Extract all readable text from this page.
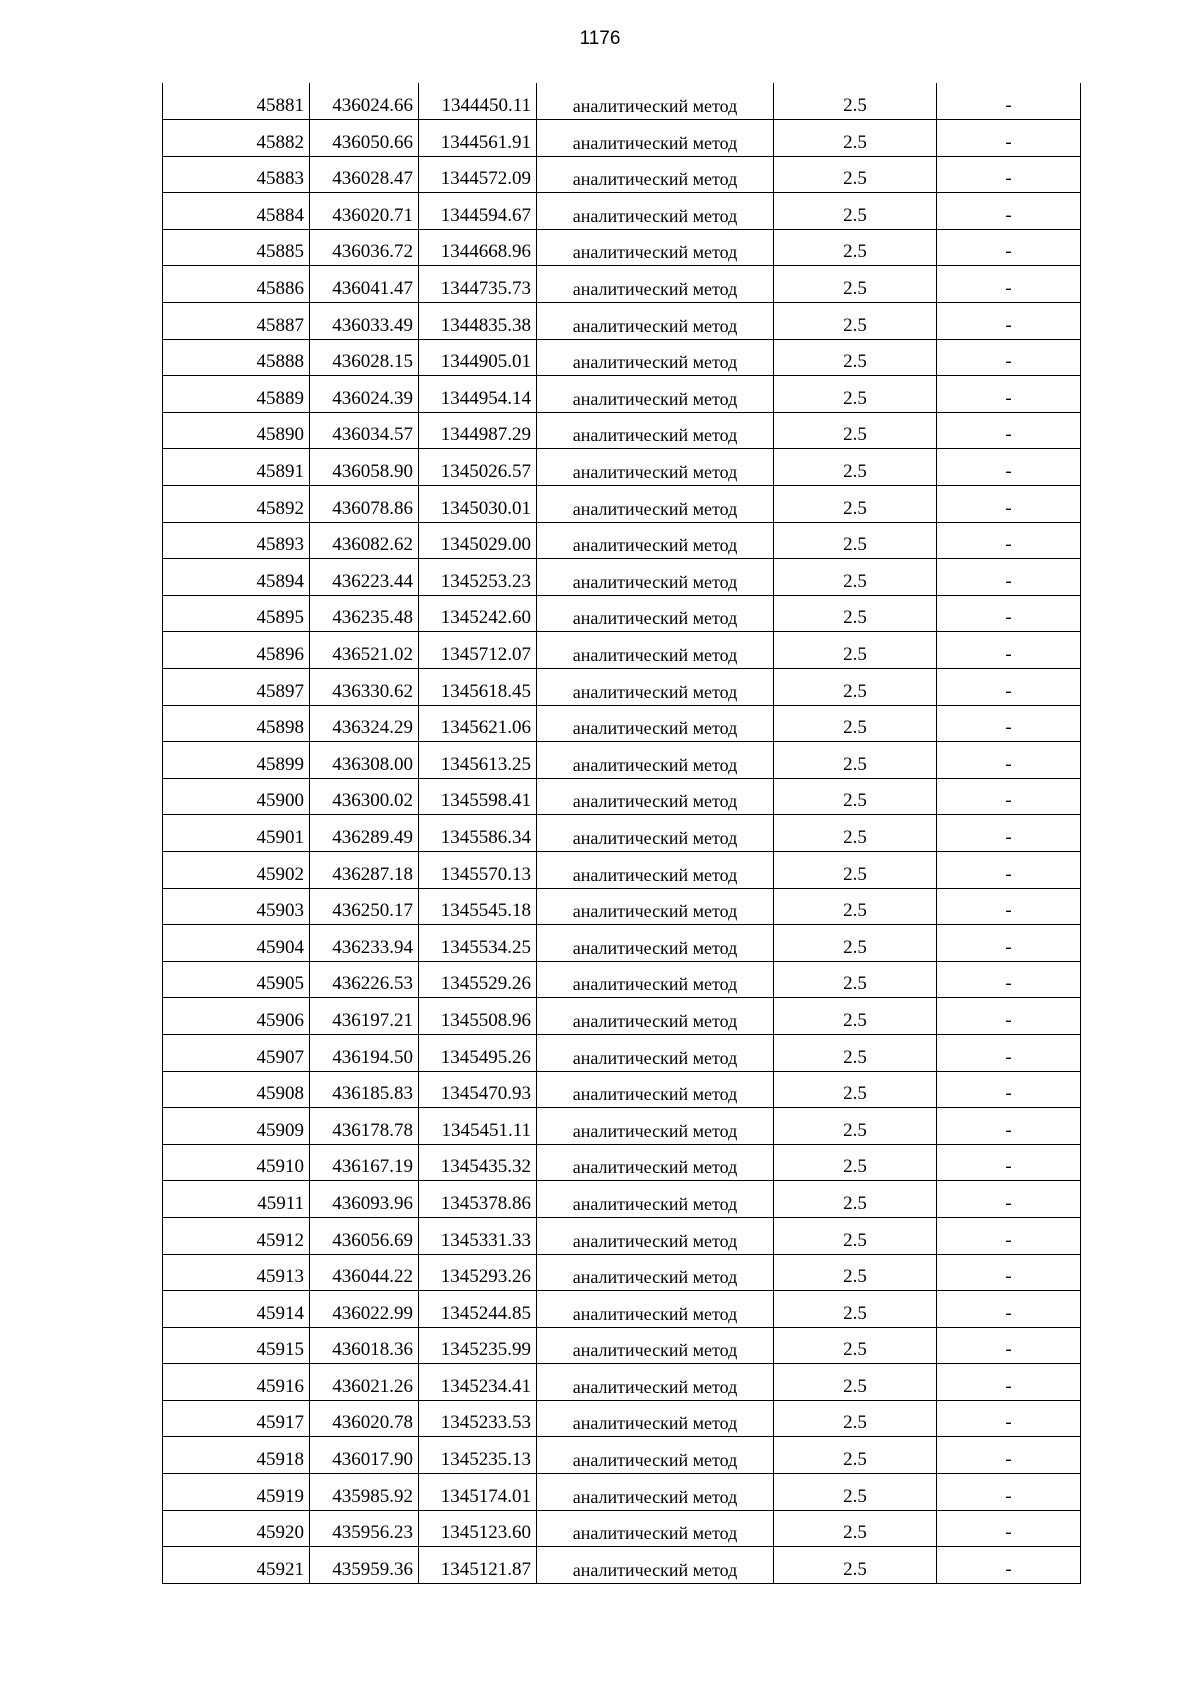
1176
45881	436024.66	1344450.11	аналитический метод	2.5	-
45882	436050.66	1344561.91	аналитический метод	2.5	-
45883	436028.47	1344572.09	аналитический метод	2.5	-
45884	436020.71	1344594.67	аналитический метод	2.5	-
45885	436036.72	1344668.96	аналитический метод	2.5	-
45886	436041.47	1344735.73	аналитический метод	2.5	-
45887	436033.49	1344835.38	аналитический метод	2.5	-
45888	436028.15	1344905.01	аналитический метод	2.5	-
45889	436024.39	1344954.14	аналитический метод	2.5	-
45890	436034.57	1344987.29	аналитический метод	2.5	-
45891	436058.90	1345026.57	аналитический метод	2.5	-
45892	436078.86	1345030.01	аналитический метод	2.5	-
45893	436082.62	1345029.00	аналитический метод	2.5	-
45894	436223.44	1345253.23	аналитический метод	2.5	-
45895	436235.48	1345242.60	аналитический метод	2.5	-
45896	436521.02	1345712.07	аналитический метод	2.5	-
45897	436330.62	1345618.45	аналитический метод	2.5	-
45898	436324.29	1345621.06	аналитический метод	2.5	-
45899	436308.00	1345613.25	аналитический метод	2.5	-
45900	436300.02	1345598.41	аналитический метод	2.5	-
45901	436289.49	1345586.34	аналитический метод	2.5	-
45902	436287.18	1345570.13	аналитический метод	2.5	-
45903	436250.17	1345545.18	аналитический метод	2.5	-
45904	436233.94	1345534.25	аналитический метод	2.5	-
45905	436226.53	1345529.26	аналитический метод	2.5	-
45906	436197.21	1345508.96	аналитический метод	2.5	-
45907	436194.50	1345495.26	аналитический метод	2.5	-
45908	436185.83	1345470.93	аналитический метод	2.5	-
45909	436178.78	1345451.11	аналитический метод	2.5	-
45910	436167.19	1345435.32	аналитический метод	2.5	-
45911	436093.96	1345378.86	аналитический метод	2.5	-
45912	436056.69	1345331.33	аналитический метод	2.5	-
45913	436044.22	1345293.26	аналитический метод	2.5	-
45914	436022.99	1345244.85	аналитический метод	2.5	-
45915	436018.36	1345235.99	аналитический метод	2.5	-
45916	436021.26	1345234.41	аналитический метод	2.5	-
45917	436020.78	1345233.53	аналитический метод	2.5	-
45918	436017.90	1345235.13	аналитический метод	2.5	-
45919	435985.92	1345174.01	аналитический метод	2.5	-
45920	435956.23	1345123.60	аналитический метод	2.5	-
45921	435959.36	1345121.87	аналитический метод	2.5	-
